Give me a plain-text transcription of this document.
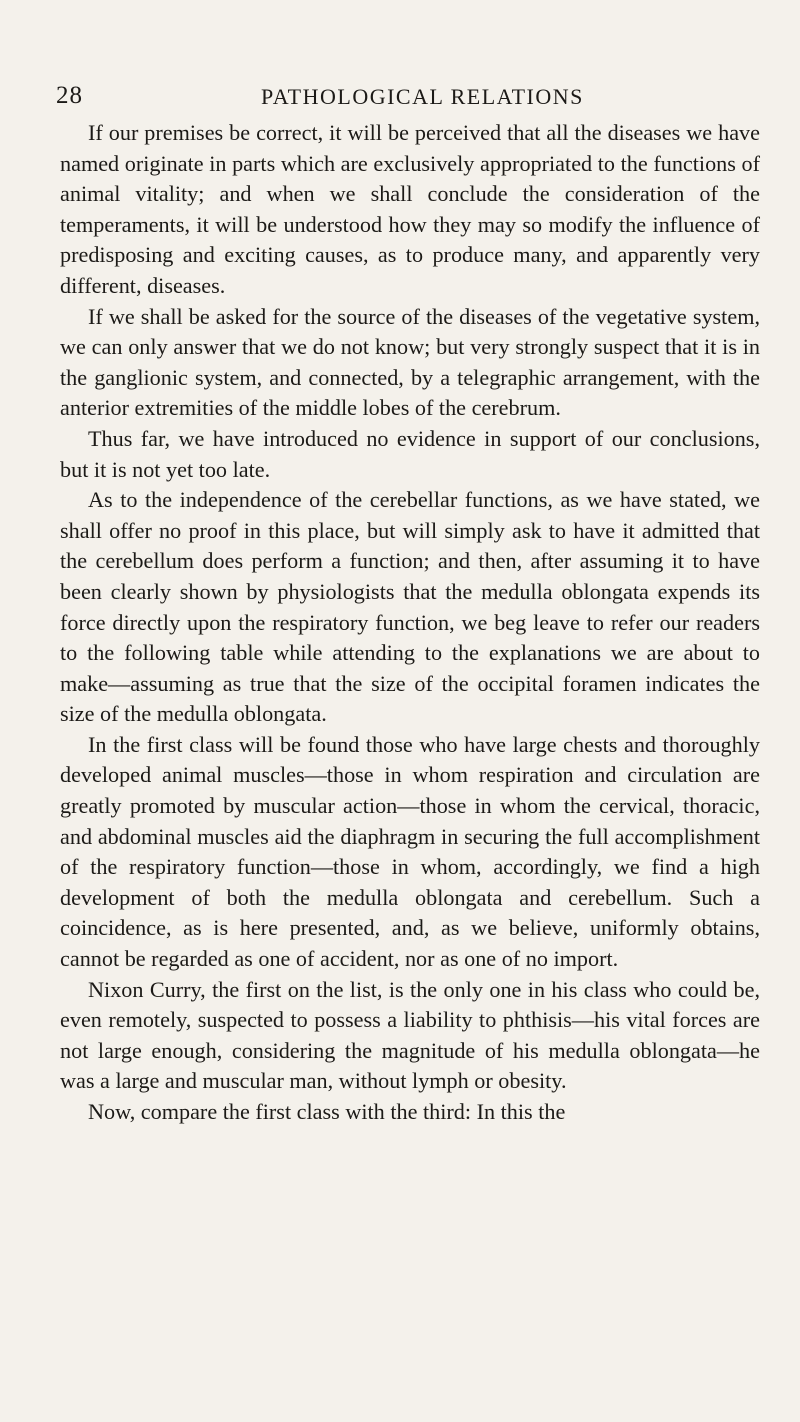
28	PATHOLOGICAL RELATIONS

If our premises be correct, it will be perceived that all the diseases we have named originate in parts which are exclusively appropriated to the functions of animal vitality; and when we shall conclude the consideration of the temperaments, it will be understood how they may so modify the influence of predisposing and exciting causes, as to produce many, and apparently very different, diseases.

If we shall be asked for the source of the diseases of the vegetative system, we can only answer that we do not know; but very strongly suspect that it is in the ganglionic system, and connected, by a telegraphic arrangement, with the anterior extremities of the middle lobes of the cerebrum.

Thus far, we have introduced no evidence in support of our conclusions, but it is not yet too late.

As to the independence of the cerebellar functions, as we have stated, we shall offer no proof in this place, but will simply ask to have it admitted that the cerebellum does perform a function; and then, after assuming it to have been clearly shown by physiologists that the medulla oblongata expends its force directly upon the respiratory function, we beg leave to refer our readers to the following table while attending to the explanations we are about to make—assuming as true that the size of the occipital foramen indicates the size of the medulla oblongata.

In the first class will be found those who have large chests and thoroughly developed animal muscles—those in whom respiration and circulation are greatly promoted by muscular action—those in whom the cervical, thoracic, and abdominal muscles aid the diaphragm in securing the full accomplishment of the respiratory function—those in whom, accordingly, we find a high development of both the medulla oblongata and cerebellum. Such a coincidence, as is here presented, and, as we believe, uniformly obtains, cannot be regarded as one of accident, nor as one of no import.

Nixon Curry, the first on the list, is the only one in his class who could be, even remotely, suspected to possess a liability to phthisis—his vital forces are not large enough, considering the magnitude of his medulla oblongata—he was a large and muscular man, without lymph or obesity.

Now, compare the first class with the third: In this the
